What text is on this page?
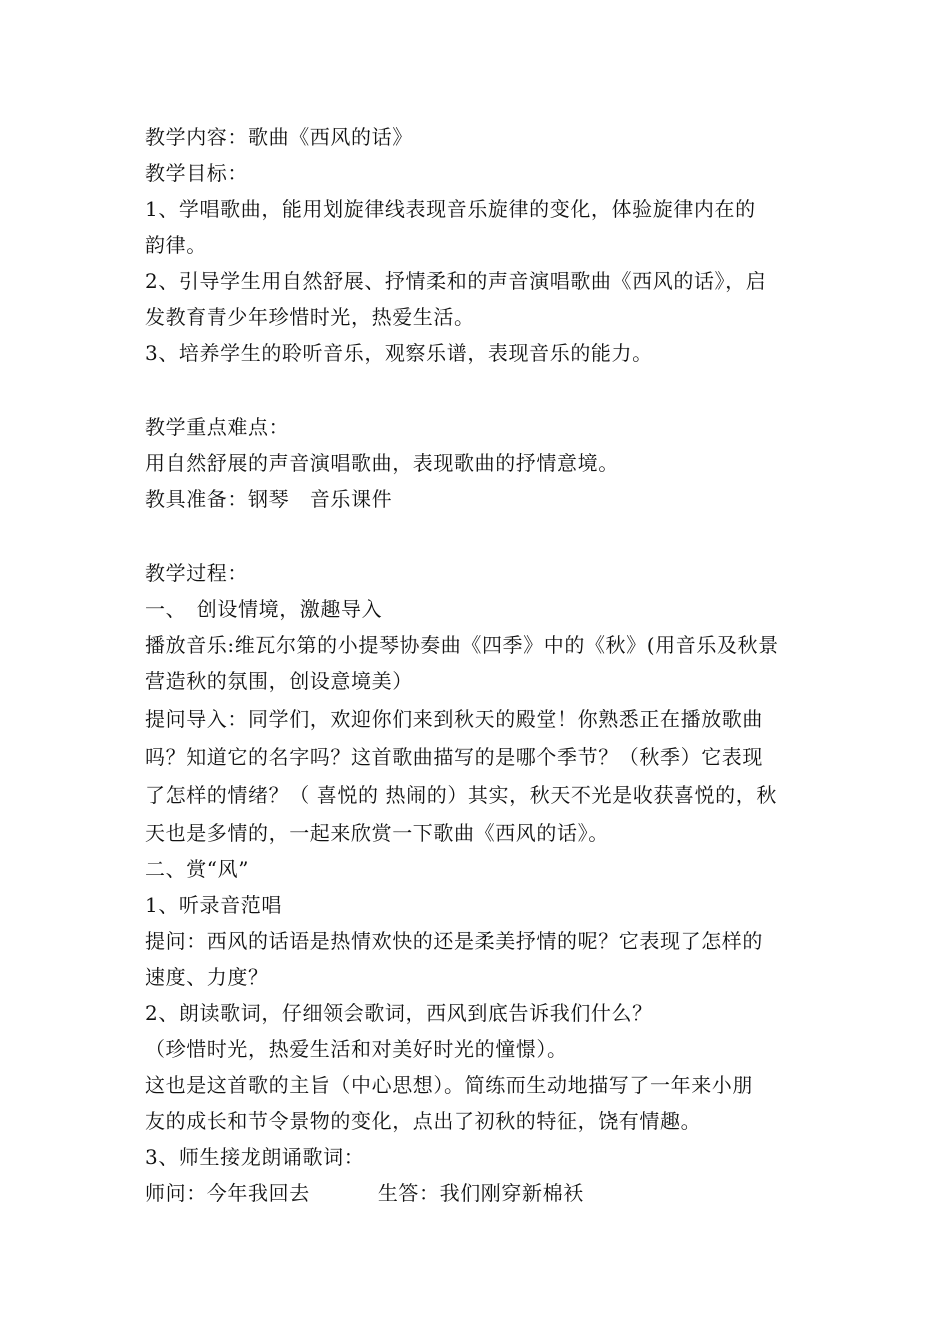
教学内容：歌曲《西风的话》
教学目标：
1、学唱歌曲，能用划旋律线表现音乐旋律的变化，体验旋律内在的
韵律。
2、引导学生用自然舒展、抒情柔和的声音演唱歌曲《西风的话》，启
发教育青少年珍惜时光，热爱生活。
3、培养学生的聆听音乐，观察乐谱，表现音乐的能力。
教学重点难点：
用自然舒展的声音演唱歌曲，表现歌曲的抒情意境。
教具准备：钢琴　音乐课件
教学过程：
一、　创设情境，激趣导入
播放音乐:维瓦尔第的小提琴协奏曲《四季》中的《秋》(用音乐及秋景
营造秋的氛围，创设意境美）
提问导入：同学们，欢迎你们来到秋天的殿堂！你熟悉正在播放歌曲
吗？知道它的名字吗？这首歌曲描写的是哪个季节？（秋季）它表现
了怎样的情绪？（ 喜悦的 热闹的）其实，秋天不光是收获喜悦的，秋
天也是多情的，一起来欣赏一下歌曲《西风的话》。
二、赏“风”
1、听录音范唱
提问：西风的话语是热情欢快的还是柔美抒情的呢？它表现了怎样的
速度、力度？
2、朗读歌词，仔细领会歌词，西风到底告诉我们什么？
（珍惜时光，热爱生活和对美好时光的憧憬）。
这也是这首歌的主旨（中心思想）。简练而生动地描写了一年来小朋
友的成长和节令景物的变化，点出了初秋的特征，饶有情趣。
3、师生接龙朗诵歌词：
师问：今年我回去	生答：我们刚穿新棉袄
